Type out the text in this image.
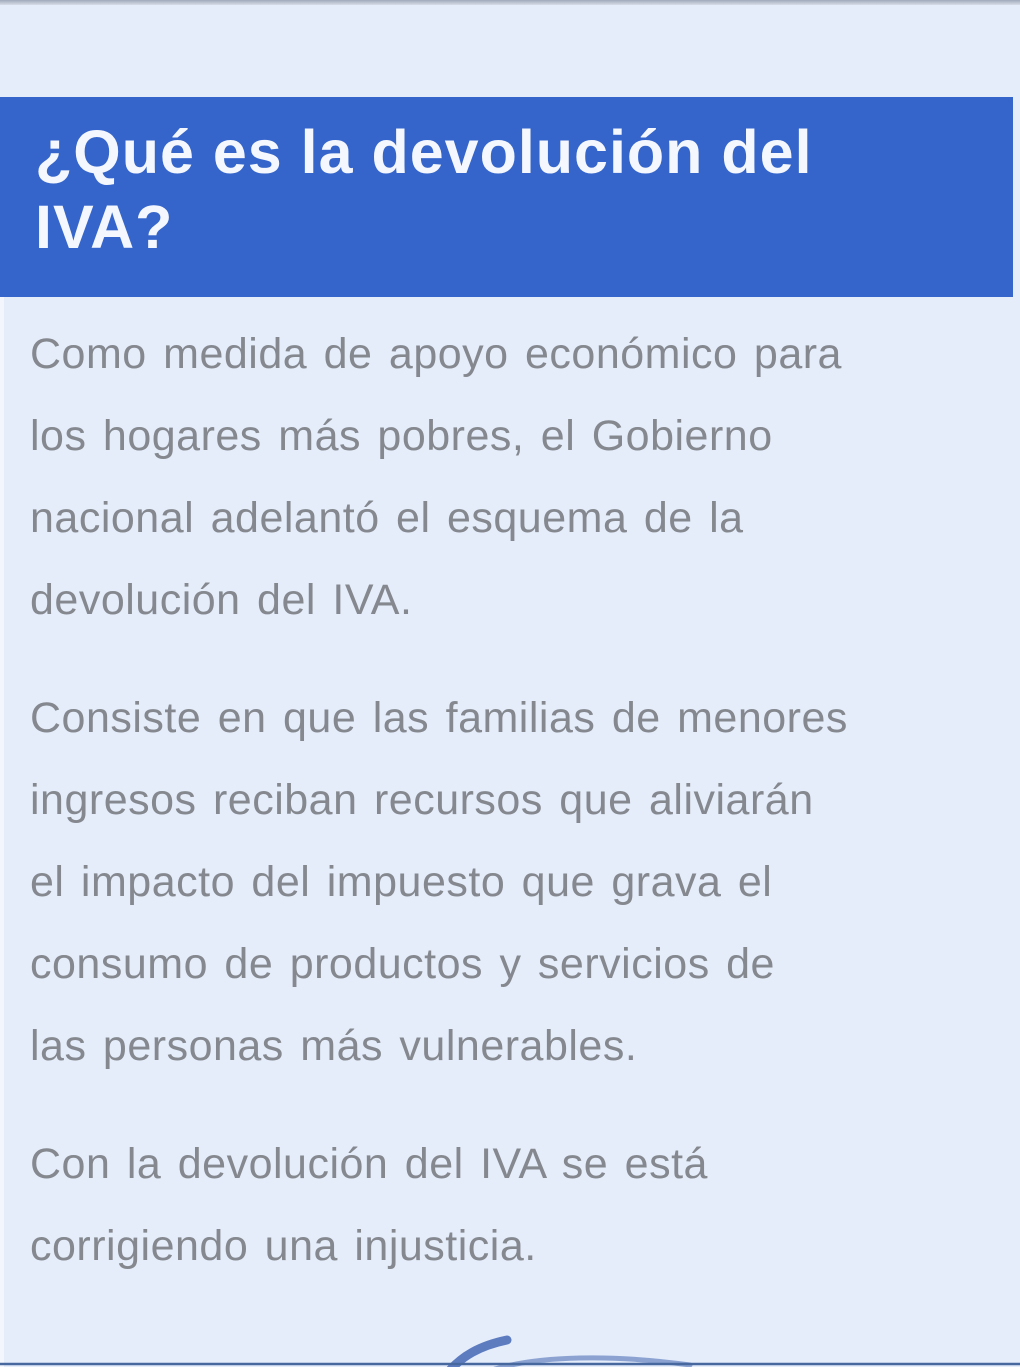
¿Qué es la devolución del
IVA?

Como medida de apoyo económico para
los hogares más pobres, el Gobierno
nacional adelantó el esquema de la
devolución del IVA.

Consiste en que las familias de menores
ingresos reciban recursos que aliviarán
el impacto del impuesto que grava el
consumo de productos y servicios de
las personas más vulnerables.

Con la devolución del IVA se está
corrigiendo una injusticia.
